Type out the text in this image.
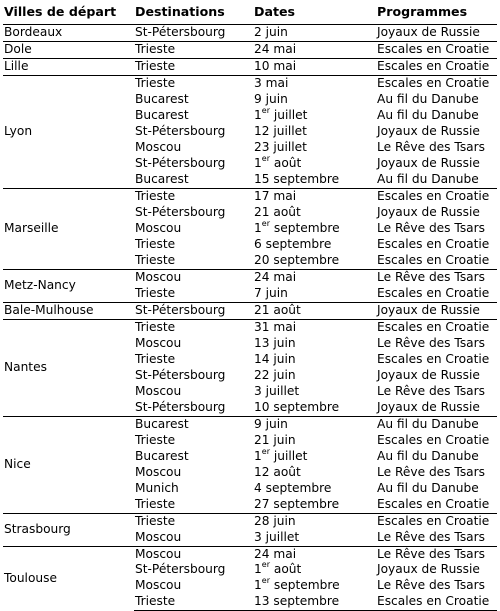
Villes de départ	Destinations	Dates	Programmes
Bordeaux	St-Pétersbourg	2 juin	Joyaux de Russie
Dole	Trieste	24 mai	Escales en Croatie
Lille	Trieste	10 mai	Escales en Croatie
Lyon	Trieste	3 mai	Escales en Croatie
	Bucarest	9 juin	Au fil du Danube
	Bucarest	1er juillet	Au fil du Danube
	St-Pétersbourg	12 juillet	Joyaux de Russie
	Moscou	23 juillet	Le Rêve des Tsars
	St-Pétersbourg	1er août	Joyaux de Russie
	Bucarest	15 septembre	Au fil du Danube
Marseille	Trieste	17 mai	Escales en Croatie
	St-Pétersbourg	21 août	Joyaux de Russie
	Moscou	1er septembre	Le Rêve des Tsars
	Trieste	6 septembre	Escales en Croatie
	Trieste	20 septembre	Escales en Croatie
Metz-Nancy	Moscou	24 mai	Le Rêve des Tsars
	Trieste	7 juin	Escales en Croatie
Bale-Mulhouse	St-Pétersbourg	21 août	Joyaux de Russie
Nantes	Trieste	31 mai	Escales en Croatie
	Moscou	13 juin	Le Rêve des Tsars
	Trieste	14 juin	Escales en Croatie
	St-Pétersbourg	22 juin	Joyaux de Russie
	Moscou	3 juillet	Le Rêve des Tsars
	St-Pétersbourg	10 septembre	Joyaux de Russie
Nice	Bucarest	9 juin	Au fil du Danube
	Trieste	21 juin	Escales en Croatie
	Bucarest	1er juillet	Au fil du Danube
	Moscou	12 août	Le Rêve des Tsars
	Munich	4 septembre	Au fil du Danube
	Trieste	27 septembre	Escales en Croatie
Strasbourg	Trieste	28 juin	Escales en Croatie
	Moscou	3 juillet	Le Rêve des Tsars
Toulouse	Moscou	24 mai	Le Rêve des Tsars
	St-Pétersbourg	1er août	Joyaux de Russie
	Moscou	1er septembre	Le Rêve des Tsars
	Trieste	13 septembre	Escales en Croatie
